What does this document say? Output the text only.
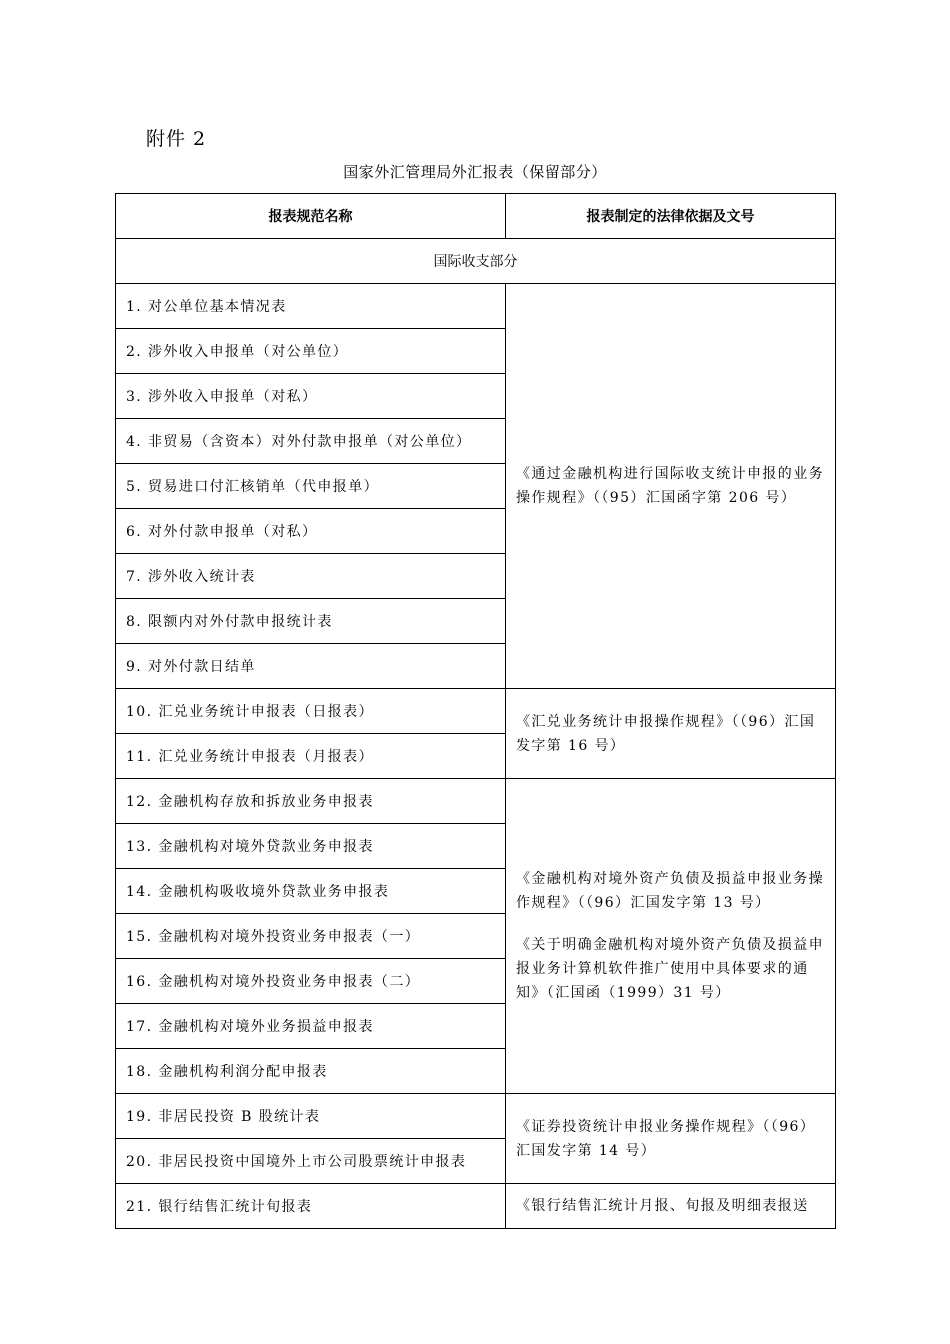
附件 2
国家外汇管理局外汇报表（保留部分）
报表规范名称	报表制定的法律依据及文号
国际收支部分	
1. 对公单位基本情况表	《通过金融机构进行国际收支统计申报的业务操作规程》（（95）汇国函字第 206 号）

2. 涉外收入申报单（对公单位）	
3. 涉外收入申报单（对私）	
4. 非贸易（含资本）对外付款申报单（对公单位）	
5. 贸易进口付汇核销单（代申报单）	
6. 对外付款申报单（对私）	
7. 涉外收入统计表	
8. 限额内对外付款申报统计表	
9. 对外付款日结单	
10. 汇兑业务统计申报表（日报表）	《汇兑业务统计申报操作规程》（（96）汇国发字第 16 号）

11. 汇兑业务统计申报表（月报表）	
12. 金融机构存放和拆放业务申报表	《金融机构对境外资产负债及损益申报业务操作规程》（（96）汇国发字第 13 号）

《关于明确金融机构对境外资产负债及损益申报业务计算机软件推广使用中具体要求的通知》（汇国函（1999）31 号）

13. 金融机构对境外贷款业务申报表	
14. 金融机构吸收境外贷款业务申报表	
15. 金融机构对境外投资业务申报表（一）	
16. 金融机构对境外投资业务申报表（二）	
17. 金融机构对境外业务损益申报表	
18. 金融机构利润分配申报表	
19. 非居民投资 B 股统计表	《证券投资统计申报业务操作规程》（（96）汇国发字第 14 号）

20. 非居民投资中国境外上市公司股票统计申报表	
21. 银行结售汇统计旬报表	《银行结售汇统计月报、旬报及明细表报送
